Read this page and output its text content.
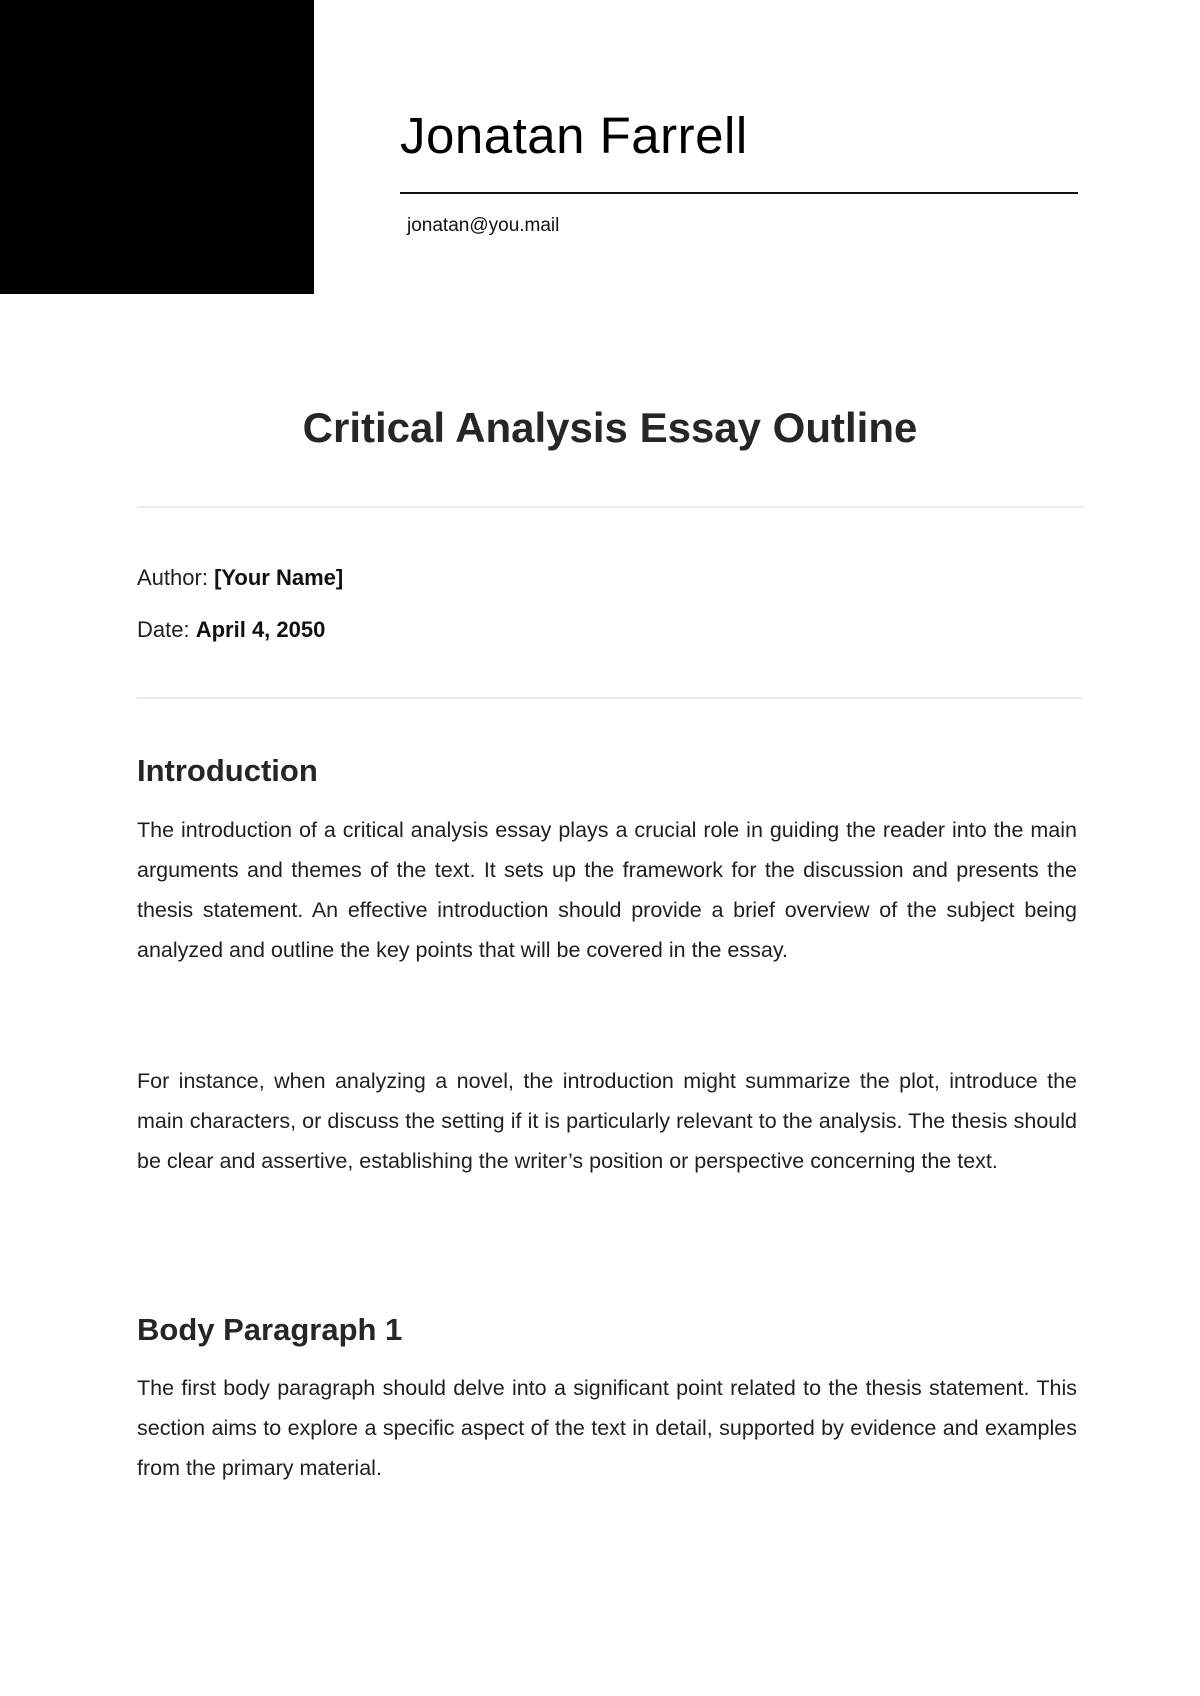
Jonatan Farrell
jonatan@you.mail
Critical Analysis Essay Outline
Author: [Your Name]
Date: April 4, 2050
Introduction

The introduction of a critical analysis essay plays a crucial role in guiding the reader into the main arguments and themes of the text. It sets up the framework for the discussion and presents the thesis statement. An effective introduction should provide a brief overview of the subject being analyzed and outline the key points that will be covered in the essay.

For instance, when analyzing a novel, the introduction might summarize the plot, introduce the main characters, or discuss the setting if it is particularly relevant to the analysis. The thesis should be clear and assertive, establishing the writer’s position or perspective concerning the text.

Body Paragraph 1

The first body paragraph should delve into a significant point related to the thesis statement. This section aims to explore a specific aspect of the text in detail, supported by evidence and examples from the primary material.
